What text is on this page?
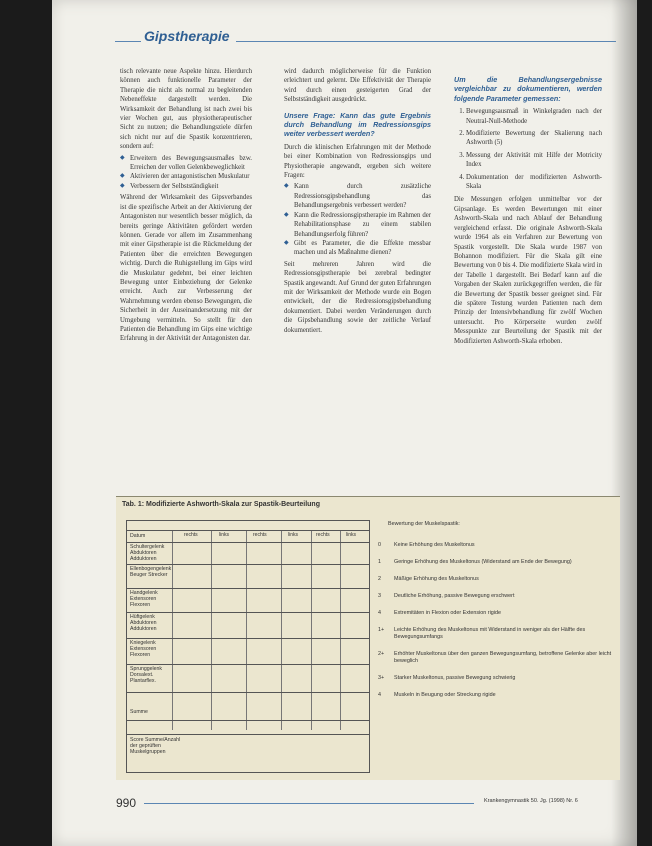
Gipstherapie

tisch relevante neue Aspekte hinzu. Hierdurch können auch funktionelle Parameter der Therapie die nicht als normal zu begleitenden Nebeneffekte dargestellt werden. Die Wirksamkeit der Behandlung ist nach zwei bis vier Wochen gut, aus physiotherapeutischer Sicht zu nutzen; die Behandlungsziele dürfen sich nicht nur auf die Spastik konzentrieren, sondern auf:

◆ Erweitern des Bewegungsausmaßes bzw. Erreichen der vollen Gelenkbeweglichkeit
◆ Aktivieren der antagonistischen Muskulatur
◆ Verbessern der Selbstständigkeit

Während der Wirksamkeit des Gipsverbandes ist die spezifische Arbeit an der Aktivierung der Antagonisten nur wesentlich besser möglich, da bereits geringe Aktivitäten gefördert werden können. Gerade vor allem im Zusammenhang mit einer Gipstherapie ist die Rückmeldung der Patienten über die erreichten Bewegungen wichtig. Durch die Ruhigstellung im Gips wird die Muskulatur gedehnt, bei einer leichten Bewegung unter Einbeziehung der Gelenke erreicht. Auch zur Verbesserung der Wahrnehmung werden ebenso Bewegungen, die Sicherheit in der Auseinandersetzung mit der Umgebung vermitteln. So stellt für den Patienten die Behandlung im Gips eine wichtige Erfahrung in der Aktivität der Antagonisten dar.

wird dadurch möglicherweise für die Funktion erleichtert und gelernt. Die Effektivität der Therapie wird durch einen gesteigerten Grad der Selbstständigkeit ausgedrückt.

Unsere Frage: Kann das gute Ergebnis durch Behandlung im Redressionsgips weiter verbessert werden?

Durch die klinischen Erfahrungen mit der Methode bei einer Kombination von Redressionsgips und Physiotherapie angewandt, ergeben sich weitere Fragen:

◆ Kann durch zusätzliche Redressionsgipsbehandlung das Behandlungsergebnis verbessert werden?
◆ Kann die Redressionsgipstherapie im Rahmen der Rehabilitationsphase zu einem stabilen Behandlungserfolg führen?
◆ Gibt es Parameter, die die Effekte messbar machen und als Maßnahme dienen?

Seit mehreren Jahren wird die Redressionsgipstherapie bei zerebral bedingter Spastik angewandt. Auf Grund der guten Erfahrungen mit der Wirksamkeit der Methode wurde ein Bogen entwickelt, der die Redressionsgipsbehandlung dokumentiert. Dabei werden Veränderungen durch die Gipsbehandlung sowie der zeitliche Verlauf dokumentiert.

Um die Behandlungsergebnisse vergleichbar zu dokumentieren, werden folgende Parameter gemessen:
1. Bewegungsausmaß in Winkelgraden nach der Neutral-Null-Methode
2. Modifizierte Bewertung der Skalierung nach Ashworth (5)
3. Messung der Aktivität mit Hilfe der Motricity Index
4. Dokumentation der modifizierten Ashworth-Skala

Die Messungen erfolgen unmittelbar vor der Gipsanlage. Es werden Bewertungen mit einer Ashworth-Skala und nach Ablauf der Behandlung vergleichend erfasst. Die originale Ashworth-Skala wurde 1964 als ein Verfahren zur Bewertung von Spastik vorgestellt. Die Skala wurde 1987 von Bohannon modifiziert. Für die Skala gilt eine Bewertung von 0 bis 4. Die modifizierte Skala wird in der Tabelle 1 dargestellt. Bei Bedarf kann auf die Vorgaben der Skalen zurückgegriffen werden, die für die Bewertung der Spastik besser geeignet sind. Für die spätere Testung wurden Patienten nach dem Prinzip der Intensivbehandlung für zwölf Wochen untersucht. Pro Körperseite wurden zwölf Messpunkte zur Beurteilung der Spastik mit der Modifizierten Ashworth-Skala erhoben.

Tab. 1: Modifizierte Ashworth-Skala zur Spastik-Beurteilung
rechts	links	rechts	links	rechts	links
Datum
Schultergelenk Abduktoren Adduktoren
Ellenbogengelenk Beuger Strecker
Handgelenk Extensoren Flexoren
Hüftgelenk Abduktoren Adduktoren
Kniegelenk Extensoren Flexoren
Sprunggelenk Dorsalext. Plantarflex.
Summe
Score Summe/Anzahl der geprüften Muskelgruppen
Bewertung der Muskelspastik:
0	Keine Erhöhung des Muskeltonus
1	Geringe Erhöhung des Muskeltonus (Widerstand am Ende der Bewegung)
2	Mäßige Erhöhung des Muskeltonus
3	Deutliche Erhöhung, passive Bewegung erschwert
4	Extremitäten in Flexion oder Extension rigide
1+	Leichte Erhöhung des Muskeltonus mit Widerstand in weniger als der Hälfte des Bewegungsumfangs
2+	Erhöhter Muskeltonus über den ganzen Bewegungsumfang, betroffene Gelenke aber leicht beweglich
3+	Starker Muskeltonus, passive Bewegung schwierig
4	Muskeln in Beugung oder Streckung rigide
990	Krankengymnastik 50. Jg. (1998) Nr. 6
